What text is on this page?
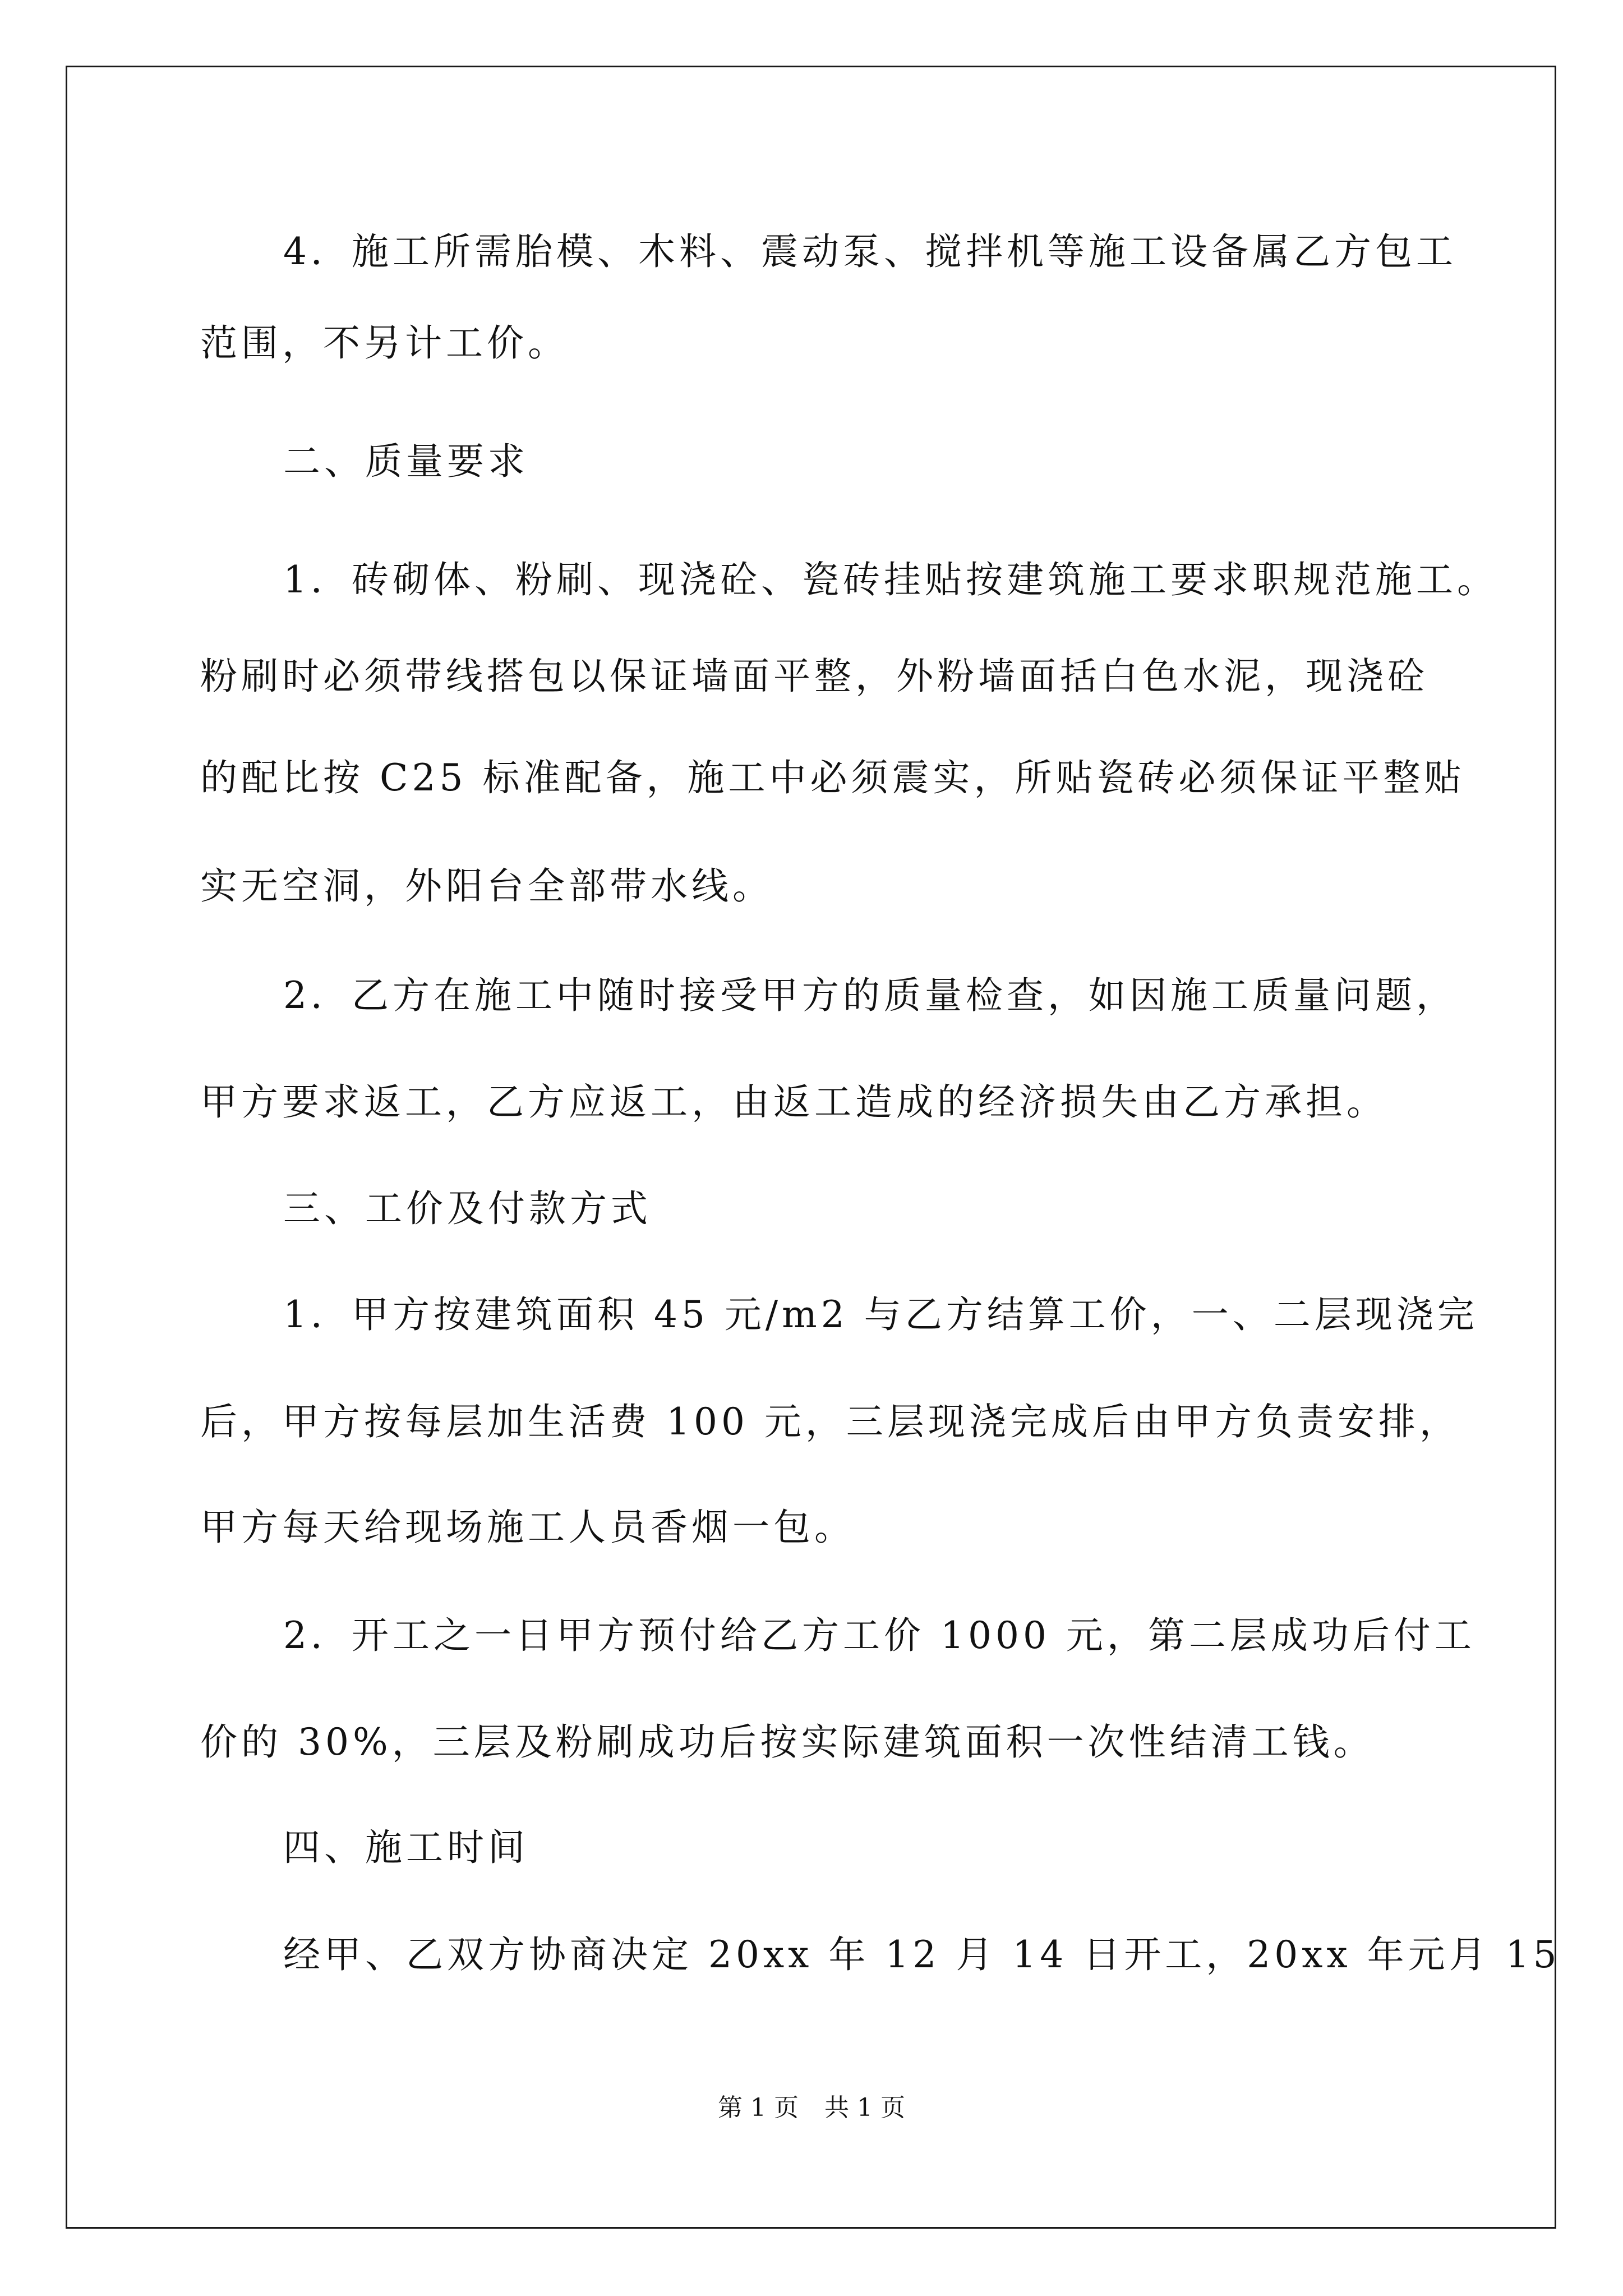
4．施工所需胎模、木料、震动泵、搅拌机等施工设备属乙方包工
范围，不另计工价。
二、质量要求
1．砖砌体、粉刷、现浇砼、瓷砖挂贴按建筑施工要求职规范施工。
粉刷时必须带线搭包以保证墙面平整，外粉墙面括白色水泥，现浇砼
的配比按 C25 标准配备，施工中必须震实，所贴瓷砖必须保证平整贴
实无空洞，外阳台全部带水线。
2．乙方在施工中随时接受甲方的质量检查，如因施工质量问题，
甲方要求返工，乙方应返工，由返工造成的经济损失由乙方承担。
三、工价及付款方式
1．甲方按建筑面积 45 元/m2 与乙方结算工价，一、二层现浇完
后，甲方按每层加生活费 100 元，三层现浇完成后由甲方负责安排，
甲方每天给现场施工人员香烟一包。
2．开工之一日甲方预付给乙方工价 1000 元，第二层成功后付工
价的 30%，三层及粉刷成功后按实际建筑面积一次性结清工钱。
四、施工时间
经甲、乙双方协商决定 20xx 年 12 月 14 日开工，20xx 年元月 15
第 1 页 共 1 页
